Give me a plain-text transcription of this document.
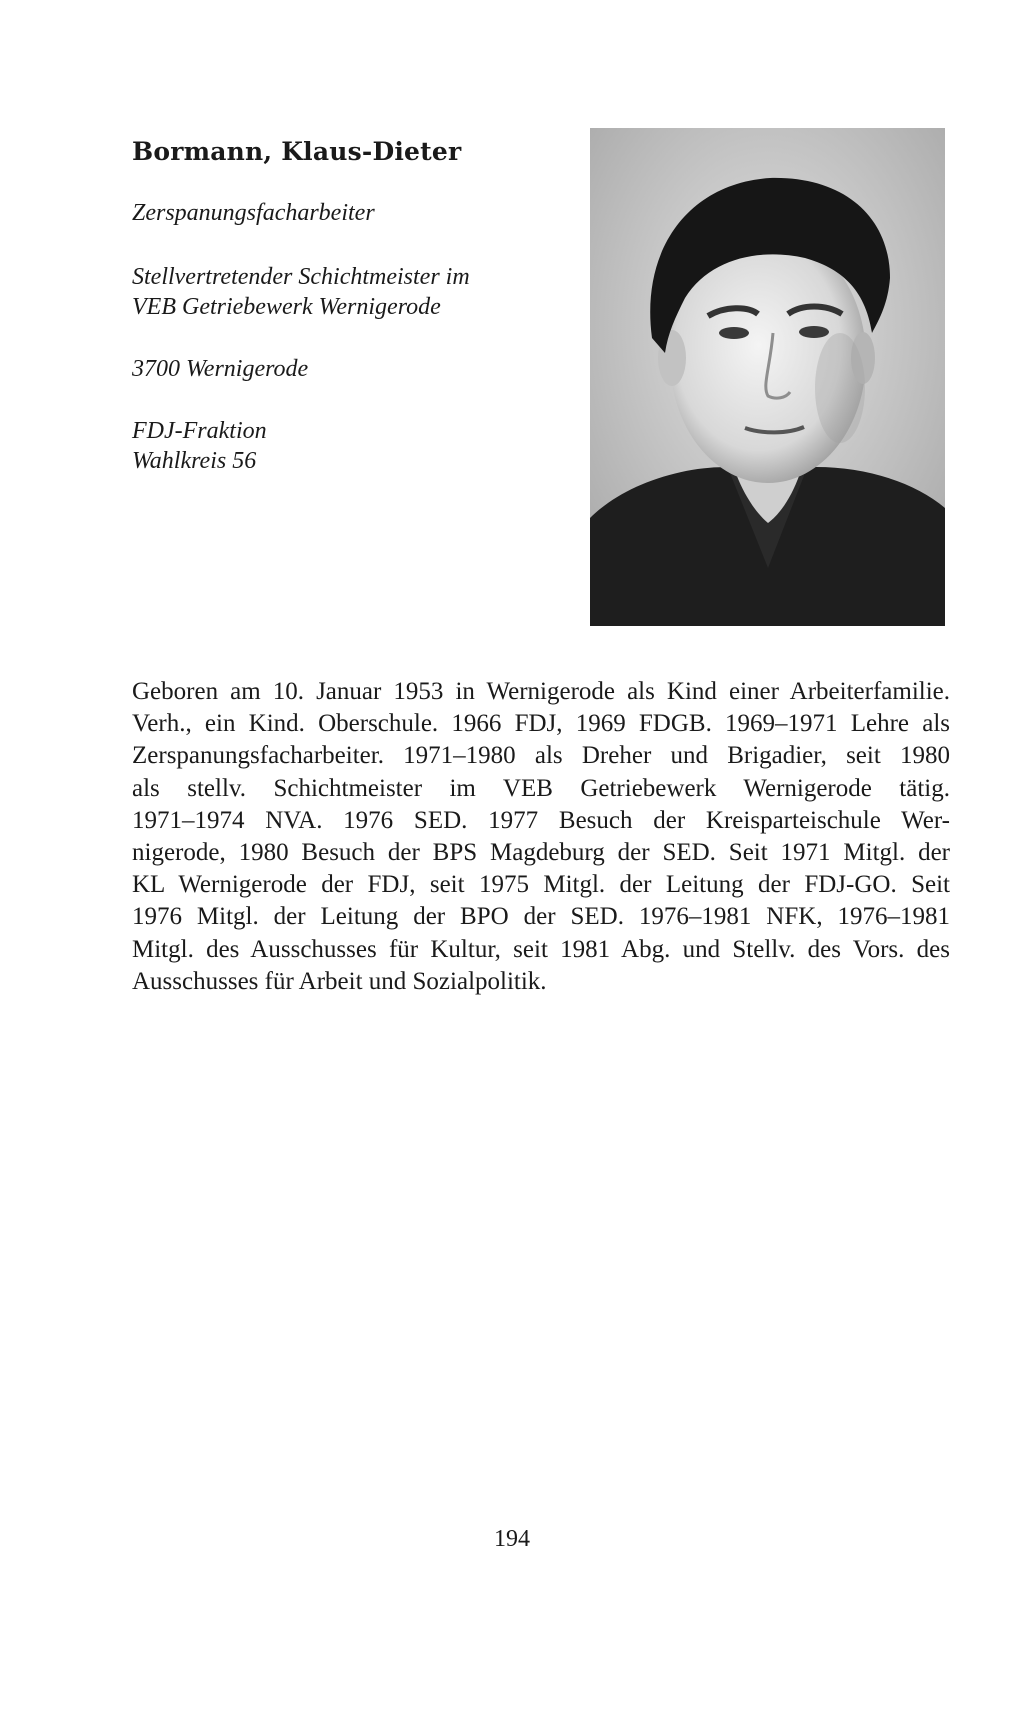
Bormann, Klaus-Dieter

Zerspanungsfacharbeiter

Stellvertretender Schichtmeister im

VEB Getriebewerk Wernigerode

3700 Wernigerode

FDJ-Fraktion

Wahlkreis 56

Geboren am 10. Januar 1953 in Wernigerode als Kind einer Arbeiterfamilie.
Verh., ein Kind. Oberschule. 1966 FDJ, 1969 FDGB. 1969–1971 Lehre als
Zerspanungsfacharbeiter. 1971–1980 als Dreher und Brigadier, seit 1980
als stellv. Schichtmeister im VEB Getriebewerk Wernigerode tätig.
1971–1974 NVA. 1976 SED. 1977 Besuch der Kreisparteischule Wer-
nigerode, 1980 Besuch der BPS Magdeburg der SED. Seit 1971 Mitgl. der
KL Wernigerode der FDJ, seit 1975 Mitgl. der Leitung der FDJ-GO. Seit
1976 Mitgl. der Leitung der BPO der SED. 1976–1981 NFK, 1976–1981
Mitgl. des Ausschusses für Kultur, seit 1981 Abg. und Stellv. des Vors. des
Ausschusses für Arbeit und Sozialpolitik.
194
